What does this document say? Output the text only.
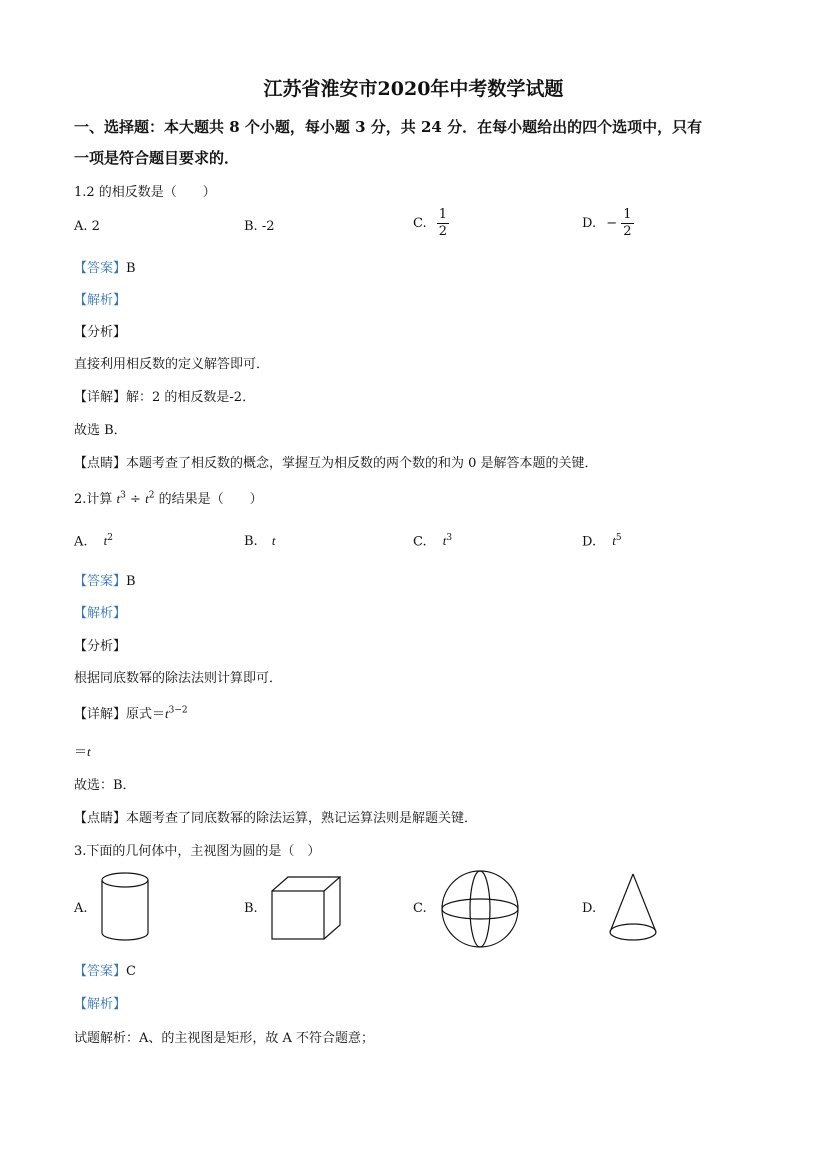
江苏省淮安市2020年中考数学试题
一、选择题：本大题共 8 个小题，每小题 3 分，共 24 分．在每小题给出的四个选项中，只有
一项是符合题目要求的．
1.2 的相反数是（　　）
A. 2	B. -2	C. $\frac{1}{2}$	D. − $\frac{1}{2}$
【答案】B
【解析】
【分析】
直接利用相反数的定义解答即可．
【详解】解：2 的相反数是-2．
故选 B．
【点睛】本题考查了相反数的概念，掌握互为相反数的两个数的和为 0 是解答本题的关键．
2.计算 $t^3 \div t^2$ 的结果是（　　）
A. $t^2$	B. t	C. $t^3$	D. $t^5$
【答案】B
【解析】
【分析】
根据同底数幂的除法法则计算即可．
【详解】原式$=t^{3-2}$
＝t
故选：B．
【点睛】本题考查了同底数幂的除法运算，熟记运算法则是解题关键．
3.下面的几何体中，主视图为圆的是（　）
A.	B.	C.	D.
【答案】C
【解析】
试题解析：A、的主视图是矩形，故 A 不符合题意；
